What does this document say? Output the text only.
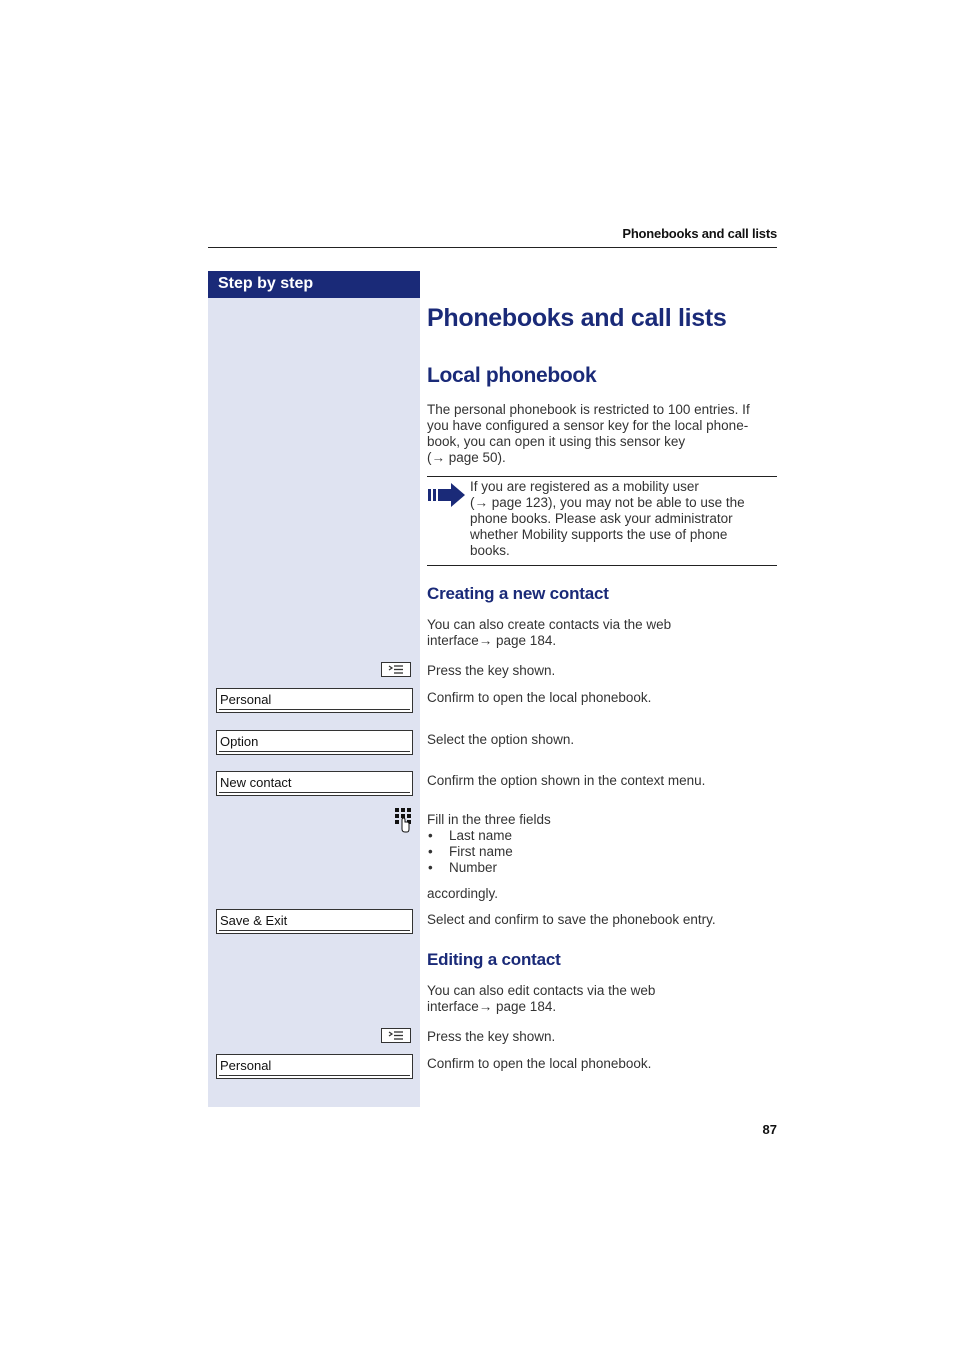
Phonebooks and call lists
Step by step
Phonebooks and call lists
Local phonebook
The personal phonebook is restricted to 100 entries. If
you have configured a sensor key for the local phone-
book, you can open it using this sensor key
(→ page 50).
If you are registered as a mobility user
(→ page 123), you may not be able to use the
phone books. Please ask your administrator
whether Mobility supports the use of phone
books.
Creating a new contact
You can also create contacts via the web
interface→ page 184.
Press the key shown.
Personal	Confirm to open the local phonebook.
Option	Select the option shown.
New contact	Confirm the option shown in the context menu.
Fill in the three fields
• Last name
• First name
• Number
accordingly.
Save & Exit	Select and confirm to save the phonebook entry.
Editing a contact
You can also edit contacts via the web
interface→ page 184.
Press the key shown.
Personal	Confirm to open the local phonebook.
87
